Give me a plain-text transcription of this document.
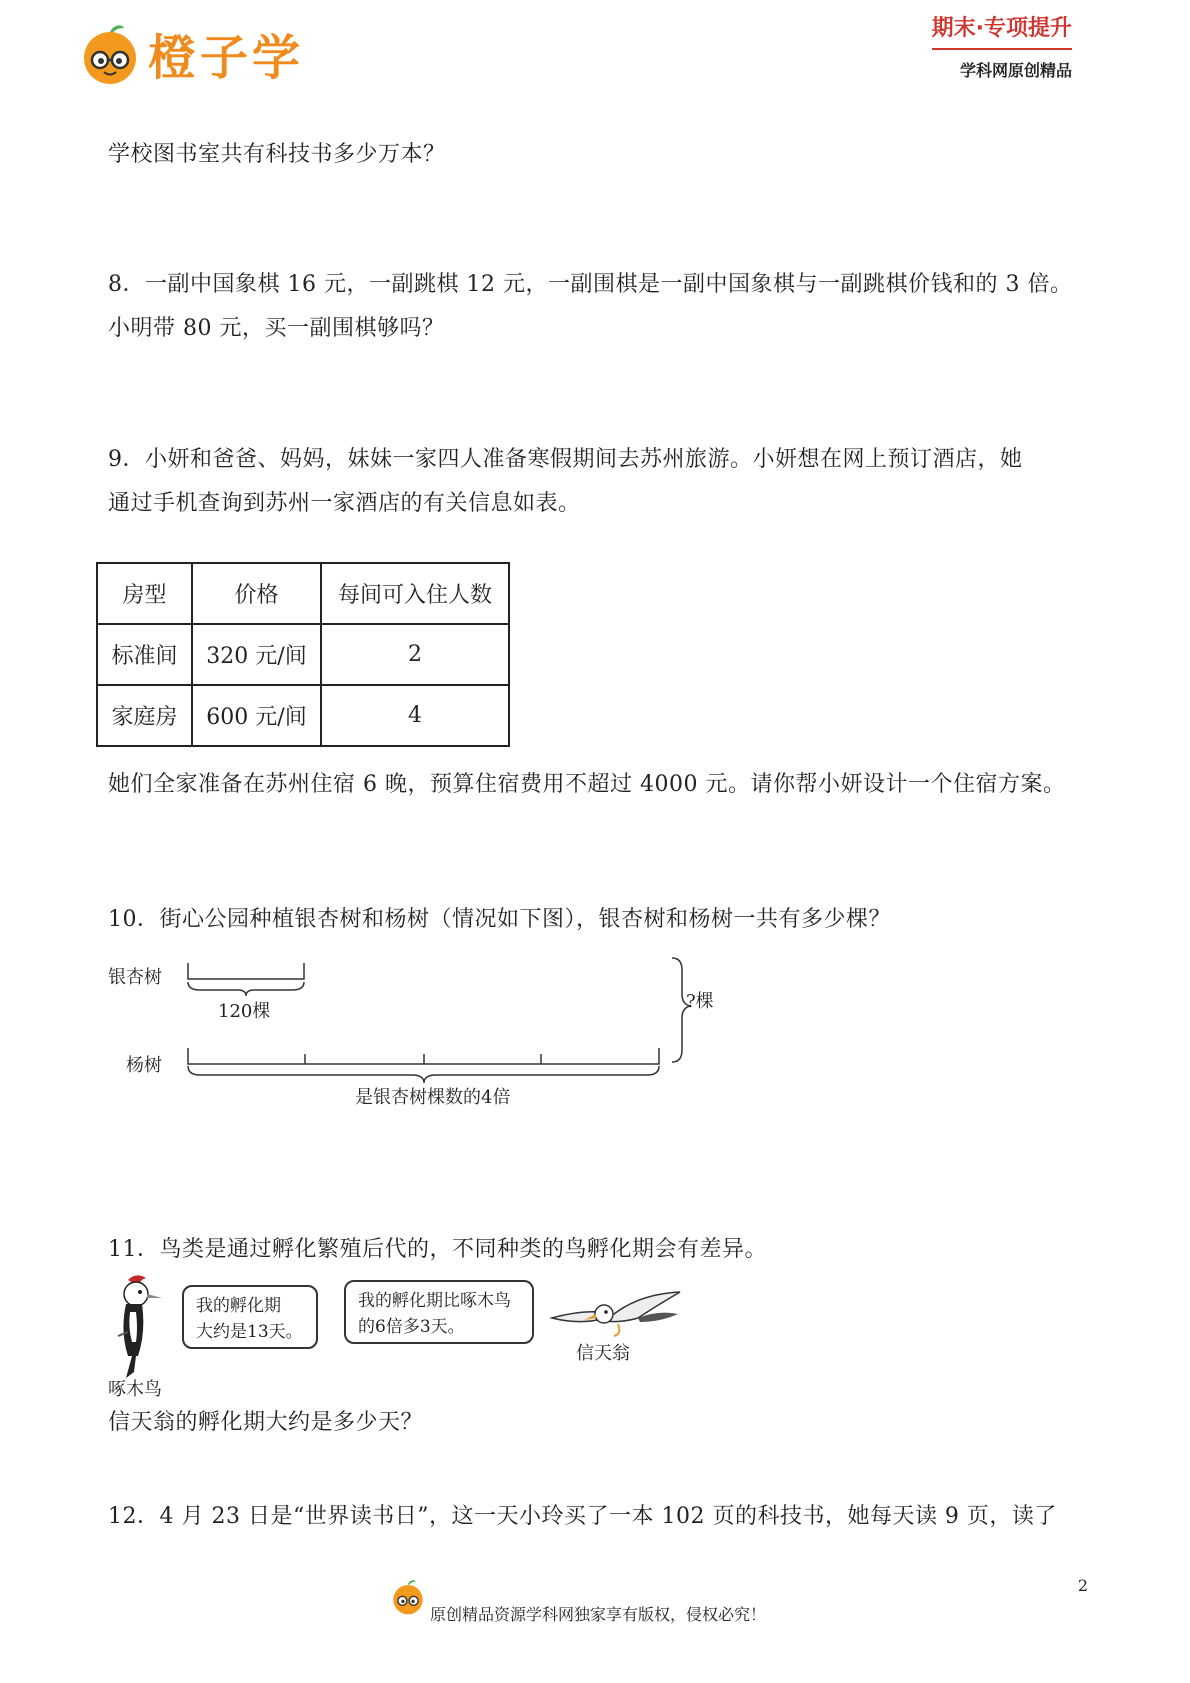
橙子学
期末·专项提升
学科网原创精品
学校图书室共有科技书多少万本？
8．一副中国象棋 16 元，一副跳棋 12 元，一副围棋是一副中国象棋与一副跳棋价钱和的 3 倍。
小明带 80 元，买一副围棋够吗？
9．小妍和爸爸、妈妈，妹妹一家四人准备寒假期间去苏州旅游。小妍想在网上预订酒店，她
通过手机查询到苏州一家酒店的有关信息如表。
房型	价格	每间可入住人数
标准间	320 元/间	2
家庭房	600 元/间	4
她们全家准备在苏州住宿 6 晚，预算住宿费用不超过 4000 元。请你帮小妍设计一个住宿方案。
10．街心公园种植银杏树和杨树（情况如下图），银杏树和杨树一共有多少棵？
银杏树
120棵	?棵
杨树
是银杏树棵数的4倍
11．鸟类是通过孵化繁殖后代的，不同种类的鸟孵化期会有差异。
我的孵化期
大约是13天。
我的孵化期比啄木鸟
的6倍多3天。
信天翁
啄木鸟
信天翁的孵化期大约是多少天？
12．4 月 23 日是“世界读书日”，这一天小玲买了一本 102 页的科技书，她每天读 9 页，读了
2
原创精品资源学科网独家享有版权，侵权必究！
